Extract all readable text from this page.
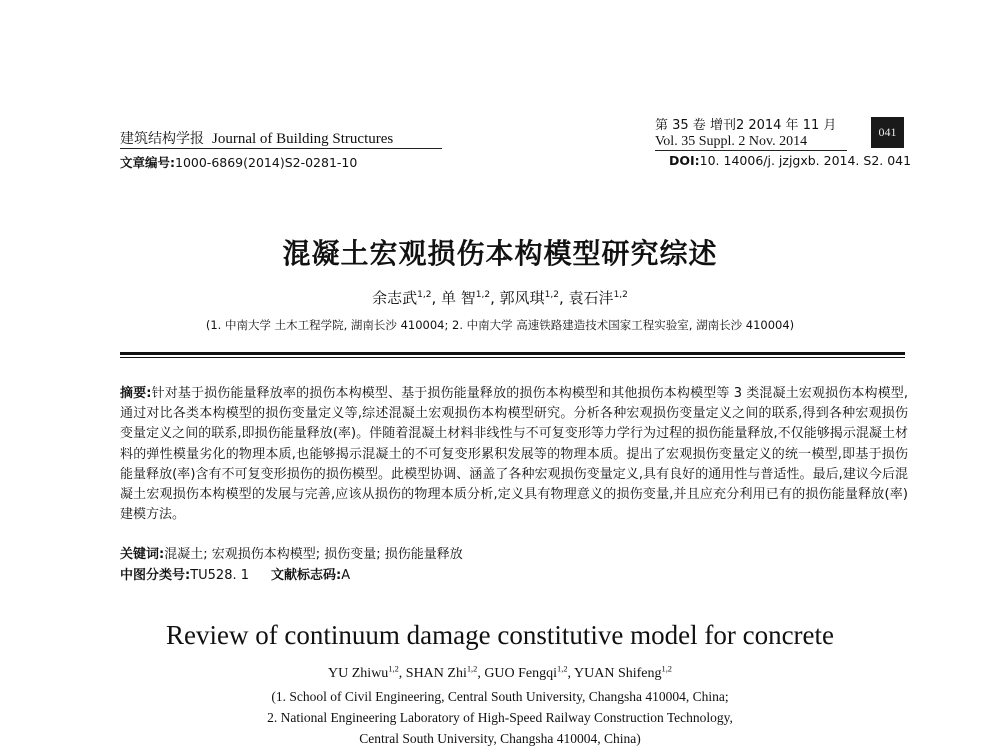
建筑结构学报 Journal of Building Structures
第 35 卷 增刊2 2014 年 11 月
Vol. 35 Suppl. 2 Nov. 2014
041
文章编号:1000-6869(2014)S2-0281-10	DOI:10. 14006/j. jzjgxb. 2014. S2. 041
混凝土宏观损伤本构模型研究综述
余志武$^{1,2}$, 单 智$^{1,2}$, 郭风琪$^{1,2}$, 袁石沣$^{1,2}$
(1. 中南大学 土木工程学院, 湖南长沙 410004; 2. 中南大学 高速铁路建造技术国家工程实验室, 湖南长沙 410004)
摘要:针对基于损伤能量释放率的损伤本构模型、基于损伤能量释放的损伤本构模型和其他损伤本构模型等 3 类混凝土宏观损伤本构模型,通过对比各类本构模型的损伤变量定义等,综述混凝土宏观损伤本构模型研究。分析各种宏观损伤变量定义之间的联系,得到各种宏观损伤变量定义之间的联系,即损伤能量释放(率)。伴随着混凝土材料非线性与不可复变形等力学行为过程的损伤能量释放,不仅能够揭示混凝土材料的弹性模量劣化的物理本质,也能够揭示混凝土的不可复变形累积发展等的物理本质。提出了宏观损伤变量定义的统一模型,即基于损伤能量释放(率)含有不可复变形损伤的损伤模型。此模型协调、涵盖了各种宏观损伤变量定义,具有良好的通用性与普适性。最后,建议今后混凝土宏观损伤本构模型的发展与完善,应该从损伤的物理本质分析,定义具有物理意义的损伤变量,并且应充分利用已有的损伤能量释放(率)建模方法。
关键词:混凝土; 宏观损伤本构模型; 损伤变量; 损伤能量释放
中图分类号:TU528. 1 文献标志码:A
Review of continuum damage constitutive model for concrete
YU Zhiwu$^{1,2}$, SHAN Zhi$^{1,2}$, GUO Fengqi$^{1,2}$, YUAN Shifeng$^{1,2}$
(1. School of Civil Engineering, Central South University, Changsha 410004, China;
2. National Engineering Laboratory of High-Speed Railway Construction Technology,
Central South University, Changsha 410004, China)
